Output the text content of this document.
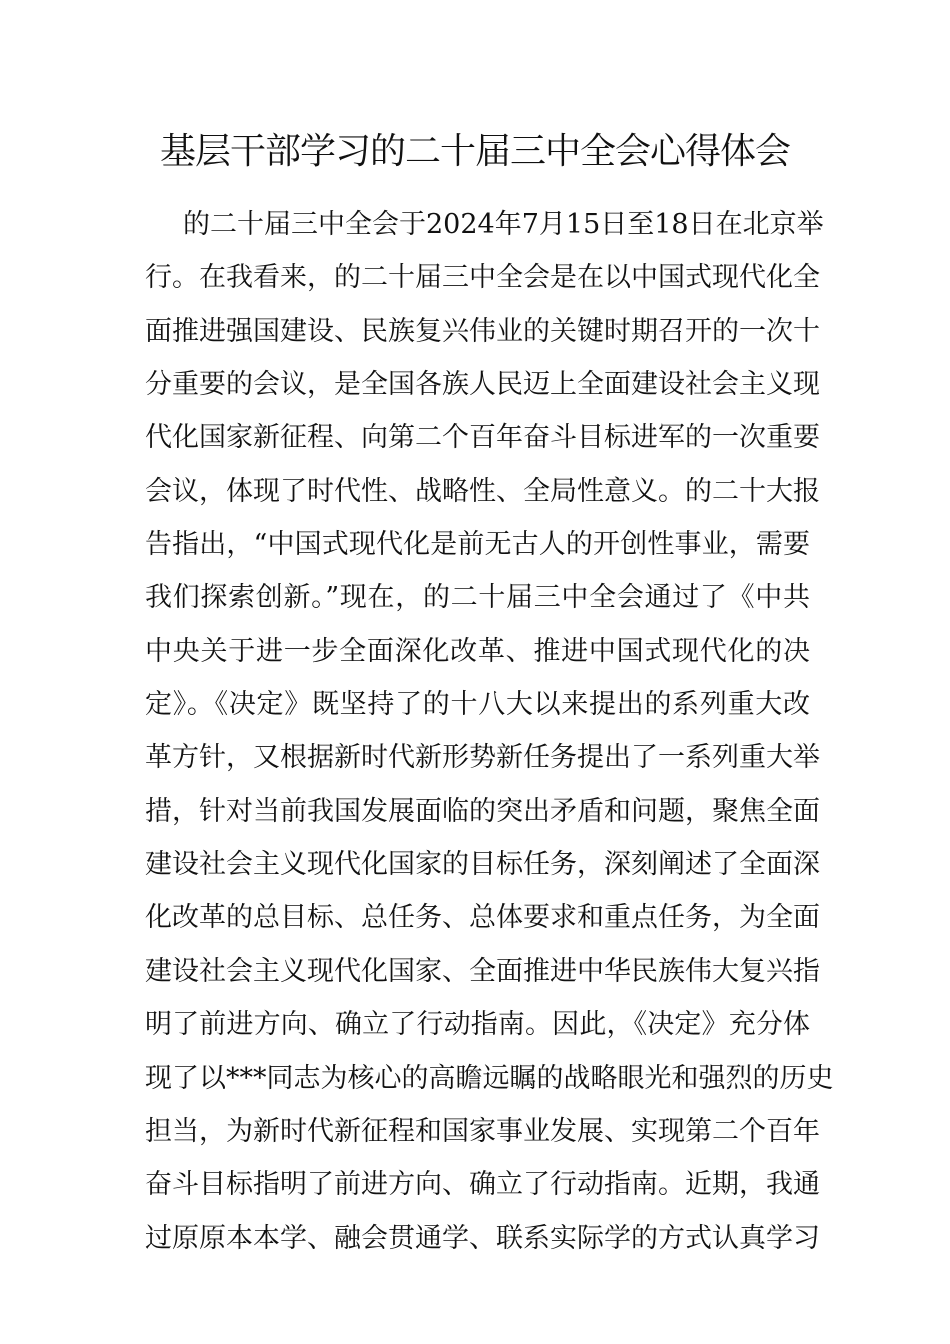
基层干部学习的二十届三中全会心得体会
的二十届三中全会于2024年7月15日至18日在北京举
行。在我看来，的二十届三中全会是在以中国式现代化全
面推进强国建设、民族复兴伟业的关键时期召开的一次十
分重要的会议，是全国各族人民迈上全面建设社会主义现
代化国家新征程、向第二个百年奋斗目标进军的一次重要
会议，体现了时代性、战略性、全局性意义。的二十大报
告指出，“中国式现代化是前无古人的开创性事业，需要
我们探索创新。”现在，的二十届三中全会通过了《中共
中央关于进一步全面深化改革、推进中国式现代化的决
定》。《决定》既坚持了的十八大以来提出的系列重大改
革方针，又根据新时代新形势新任务提出了一系列重大举
措，针对当前我国发展面临的突出矛盾和问题，聚焦全面
建设社会主义现代化国家的目标任务，深刻阐述了全面深
化改革的总目标、总任务、总体要求和重点任务，为全面
建设社会主义现代化国家、全面推进中华民族伟大复兴指
明了前进方向、确立了行动指南。因此，《决定》充分体
现了以***同志为核心的高瞻远瞩的战略眼光和强烈的历史
担当，为新时代新征程和国家事业发展、实现第二个百年
奋斗目标指明了前进方向、确立了行动指南。近期，我通
过原原本本学、融会贯通学、联系实际学的方式认真学习
